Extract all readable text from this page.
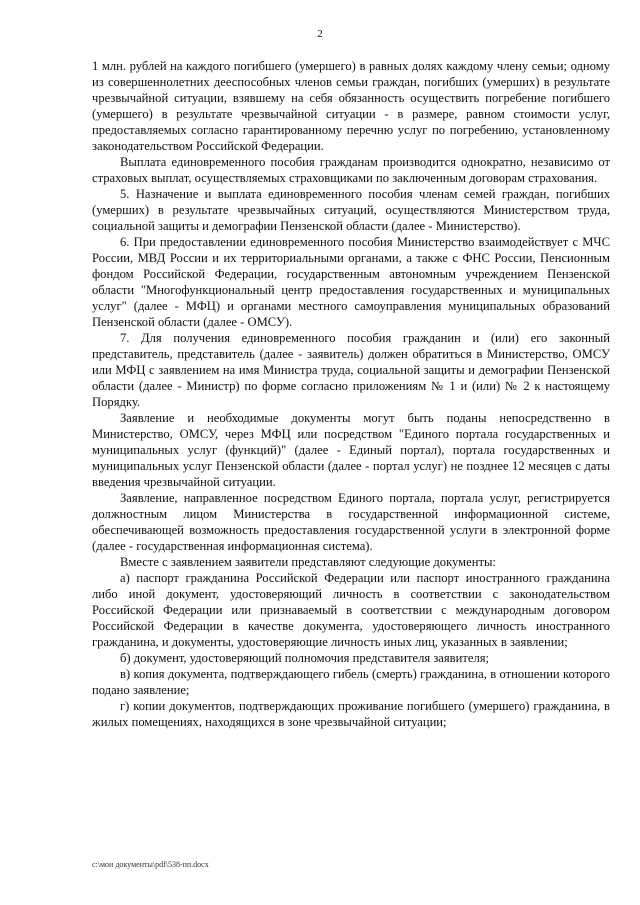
2

1 млн. рублей на каждого погибшего (умершего) в равных долях каждому члену семьи; одному из совершеннолетних дееспособных членов семьи граждан, погибших (умерших) в результате чрезвычайной ситуации, взявшему на себя обязанность осуществить погребение погибшего (умершего) в результате чрезвычайной ситуации - в размере, равном стоимости услуг, предоставляемых согласно гарантированному перечню услуг по погребению, установленному законодательством Российской Федерации.

Выплата единовременного пособия гражданам производится однократно, независимо от страховых выплат, осуществляемых страховщиками по заключенным договорам страхования.

5. Назначение и выплата единовременного пособия членам семей граждан, погибших (умерших) в результате чрезвычайных ситуаций, осуществляются Министерством труда, социальной защиты и демографии Пензенской области (далее - Министерство).

6. При предоставлении единовременного пособия Министерство взаимодействует с МЧС России, МВД России и их территориальными органами, а также с ФНС России, Пенсионным фондом Российской Федерации, государственным автономным учреждением Пензенской области "Многофункциональный центр предоставления государственных и муниципальных услуг" (далее - МФЦ) и органами местного самоуправления муниципальных образований Пензенской области (далее - ОМСУ).

7. Для получения единовременного пособия гражданин и (или) его законный представитель, представитель (далее - заявитель) должен обратиться в Министерство, ОМСУ или МФЦ с заявлением на имя Министра труда, социальной защиты и демографии Пензенской области (далее - Министр) по форме согласно приложениям № 1 и (или) № 2 к настоящему Порядку.

Заявление и необходимые документы могут быть поданы непосредственно в Министерство, ОМСУ, через МФЦ или посредством "Единого портала государственных и муниципальных услуг (функций)" (далее - Единый портал), портала государственных и муниципальных услуг Пензенской области (далее - портал услуг) не позднее 12 месяцев с даты введения чрезвычайной ситуации.

Заявление, направленное посредством Единого портала, портала услуг, регистрируется должностным лицом Министерства в государственной информационной системе, обеспечивающей возможность предоставления государственной услуги в электронной форме (далее - государственная информационная система).

Вместе с заявлением заявители представляют следующие документы:

а) паспорт гражданина Российской Федерации или паспорт иностранного гражданина либо иной документ, удостоверяющий личность в соответствии с законодательством Российской Федерации или признаваемый в соответствии с международным договором Российской Федерации в качестве документа, удостоверяющего личность иностранного гражданина, и документы, удостоверяющие личность иных лиц, указанных в заявлении;

б) документ, удостоверяющий полномочия представителя заявителя;

в) копия документа, подтверждающего гибель (смерть) гражданина, в отношении которого подано заявление;

г) копии документов, подтверждающих проживание погибшего (умершего) гражданина, в жилых помещениях, находящихся в зоне чрезвычайной ситуации;

c:\мои документы\pdf\538-пп.docx
